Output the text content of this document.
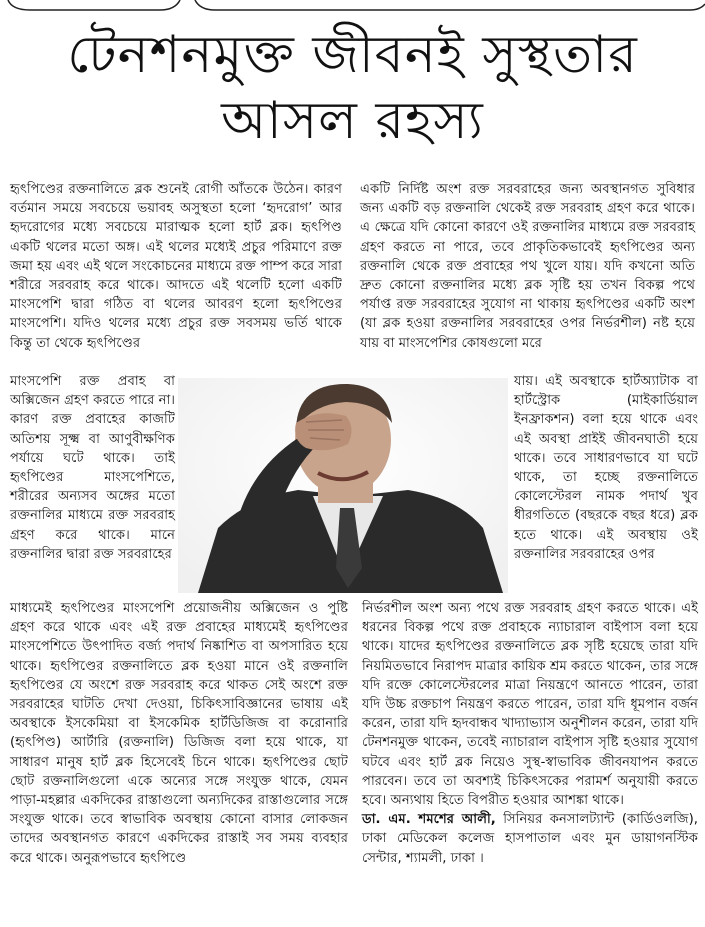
টেনশনমুক্ত জীবনই সুস্থতার
আসল রহস্য

হৃৎপিণ্ডের রক্তনালিতে ব্লক শুনেই রোগী আঁতকে উঠেন। কারণ বর্তমান সময়ে সবচেয়ে ভয়াবহ অসুস্থতা হলো ‘হৃদরোগ’ আর হৃদরোগের মধ্যে সবচেয়ে মারাত্মক হলো হার্ট ব্লক। হৃৎপিণ্ড একটি থলের মতো অঙ্গ। এই থলের মধ্যেই প্রচুর পরিমাণে রক্ত জমা হয় এবং এই থলে সংকোচনের মাধ্যমে রক্ত পাম্প করে সারা শরীরে সরবরাহ করে থাকে। আদতে এই থলেটি হলো একটি মাংসপেশি দ্বারা গঠিত বা থলের আবরণ হলো হৃৎপিণ্ডের মাংসপেশি। যদিও থলের মধ্যে প্রচুর রক্ত সবসময় ভর্তি থাকে কিন্তু তা থেকে হৃৎপিণ্ডের

মাংসপেশি রক্ত প্রবাহ বা অক্সিজেন গ্রহণ করতে পারে না। কারণ রক্ত প্রবাহের কাজটি অতিশয় সূক্ষ্ম বা আণুবীক্ষণিক পর্যায়ে ঘটে থাকে। তাই হৃৎপিণ্ডের মাংসপেশিতে, শরীরের অন্যসব অঙ্গের মতো রক্তনালির মাধ্যমে রক্ত সরবরাহ গ্রহণ করে থাকে। মানে রক্তনালির দ্বারা রক্ত সরবরাহের

মাধ্যমেই হৃৎপিণ্ডের মাংসপেশি প্রয়োজনীয় অক্সিজেন ও পুষ্টি গ্রহণ করে থাকে এবং এই রক্ত প্রবাহের মাধ্যমেই হৃৎপিণ্ডের মাংসপেশিতে উৎপাদিত বর্জ্য পদার্থ নিষ্কাশিত বা অপসারিত হয়ে থাকে। হৃৎপিণ্ডের রক্তনালিতে ব্লক হওয়া মানে ওই রক্তনালি হৃৎপিণ্ডের যে অংশে রক্ত সরবরাহ করে থাকত সেই অংশে রক্ত সরবরাহের ঘাটতি দেখা দেওয়া, চিকিৎসাবিজ্ঞানের ভাষায় এই অবস্থাকে ইসকেমিয়া বা ইসকেমিক হার্টডিজিজ বা করোনারি (হৃৎপিণ্ড) আর্টারি (রক্তনালি) ডিজিজ বলা হয়ে থাকে, যা সাধারণ মানুষ হার্ট ব্লক হিসেবেই চিনে থাকে। হৃৎপিণ্ডের ছোট ছোট রক্তনালিগুলো একে অন্যের সঙ্গে সংযুক্ত থাকে, যেমন পাড়া-মহল্লার একদিকের রাস্তাগুলো অন্যদিকের রাস্তাগুলোর সঙ্গে সংযুক্ত থাকে। তবে স্বাভাবিক অবস্থায় কোনো বাসার লোকজন তাদের অবস্থানগত কারণে একদিকের রাস্তাই সব সময় ব্যবহার করে থাকে। অনুরূপভাবে হৃৎপিণ্ডে

একটি নির্দিষ্ট অংশ রক্ত সরবরাহের জন্য অবস্থানগত সুবিধার জন্য একটি বড় রক্তনালি থেকেই রক্ত সরবরাহ গ্রহণ করে থাকে। এ ক্ষেত্রে যদি কোনো কারণে ওই রক্তনালির মাধ্যমে রক্ত সরবরাহ গ্রহণ করতে না পারে, তবে প্রাকৃতিকভাবেই হৃৎপিণ্ডের অন্য রক্তনালি থেকে রক্ত প্রবাহের পথ খুলে যায়। যদি কখনো অতি দ্রুত কোনো রক্তনালির মধ্যে ব্লক সৃষ্টি হয় তখন বিকল্প পথে পর্যাপ্ত রক্ত সরবরাহের সুযোগ না থাকায় হৃৎপিণ্ডের একটি অংশ (যা ব্লক হওয়া রক্তনালির সরবরাহের ওপর নির্ভরশীল) নষ্ট হয়ে যায় বা মাংসপেশির কোষগুলো মরে

যায়। এই অবস্থাকে হার্টঅ্যাটাক বা হার্টস্ট্রোক (মাইকার্ডিয়াল ইনফ্রাকশন) বলা হয়ে থাকে এবং এই অবস্থা প্রাইই জীবনঘাতী হয়ে থাকে। তবে সাধারণভাবে যা ঘটে থাকে, তা হচ্ছে রক্তনালিতে কোলেস্টেরল নামক পদার্থ খুব ধীরগতিতে (বছরকে বছর ধরে) ব্লক হতে থাকে। এই অবস্থায় ওই রক্তনালির সরবরাহের ওপর

নির্ভরশীল অংশ অন্য পথে রক্ত সরবরাহ গ্রহণ করতে থাকে। এই ধরনের বিকল্প পথে রক্ত প্রবাহকে ন্যাচারাল বাইপাস বলা হয়ে থাকে। যাদের হৃৎপিণ্ডের রক্তনালিতে ব্লক সৃষ্টি হয়েছে তারা যদি নিয়মিতভাবে নিরাপদ মাত্রার কায়িক শ্রম করতে থাকেন, তার সঙ্গে যদি রক্তে কোলেস্টেরলের মাত্রা নিয়ন্ত্রণে আনতে পারেন, তারা যদি উচ্চ রক্তচাপ নিয়ন্ত্রণ করতে পারেন, তারা যদি ধূমপান বর্জন করেন, তারা যদি হৃদবান্ধব খাদ্যাভ্যাস অনুশীলন করেন, তারা যদি টেনশনমুক্ত থাকেন, তবেই ন্যাচারাল বাইপাস সৃষ্টি হওয়ার সুযোগ ঘটবে এবং হার্ট ব্লক নিয়েও সুস্থ-স্বাভাবিক জীবনযাপন করতে পারবেন। তবে তা অবশ্যই চিকিৎসকের পরামর্শ অনুযায়ী করতে হবে। অন্যথায় হিতে বিপরীত হওয়ার আশঙ্কা থাকে।

ডা. এম. শমশের আলী, সিনিয়র কনসালট্যান্ট (কার্ডিওলজি), ঢাকা মেডিকেল কলেজ হাসপাতাল এবং মুন ডায়াগনস্টিক সেন্টার, শ্যামলী, ঢাকা ।
